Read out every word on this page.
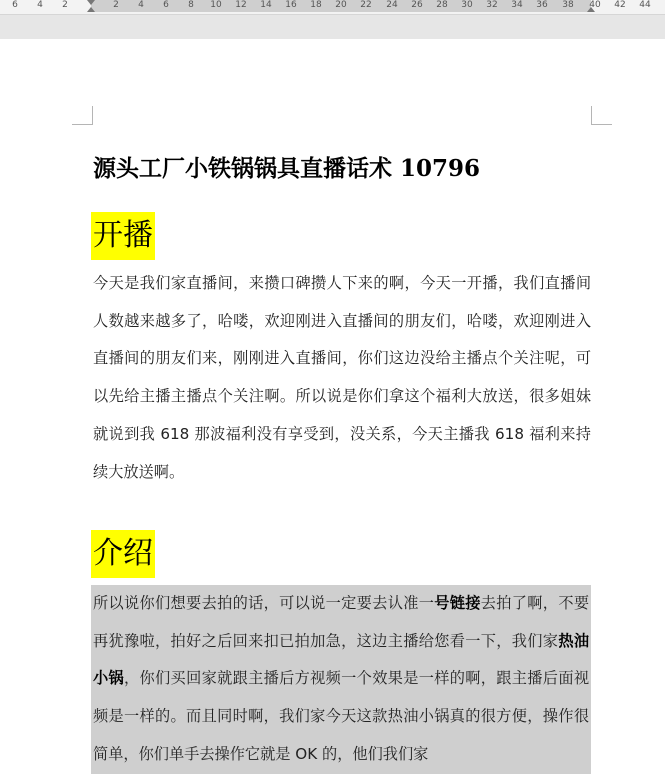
6 4 2	2 4 6 8 10 12 14 16 18 20 22 24 26 28 30 32 34 36 38 40 42 44
源头工厂小铁锅锅具直播话术 10796
开播

今天是我们家直播间，来攒口碑攒人下来的啊，今天一开播，我们直播间人数越来越多了，哈喽，欢迎刚进入直播间的朋友们，哈喽，欢迎刚进入直播间的朋友们来，刚刚进入直播间，你们这边没给主播点个关注呢，可以先给主播主播点个关注啊。所以说是你们拿这个福利大放送，很多姐妹就说到我 618 那波福利没有享受到，没关系，今天主播我 618 福利来持续大放送啊。

介绍

所以说你们想要去拍的话，可以说一定要去认准一号链接去拍了啊，不要再犹豫啦，拍好之后回来扣已拍加急，这边主播给您看一下，我们家热油小锅，你们买回家就跟主播后方视频一个效果是一样的啊，跟主播后面视频是一样的。而且同时啊，我们家今天这款热油小锅真的很方便，操作很简单，你们单手去操作它就是 OK 的，他们我们家
